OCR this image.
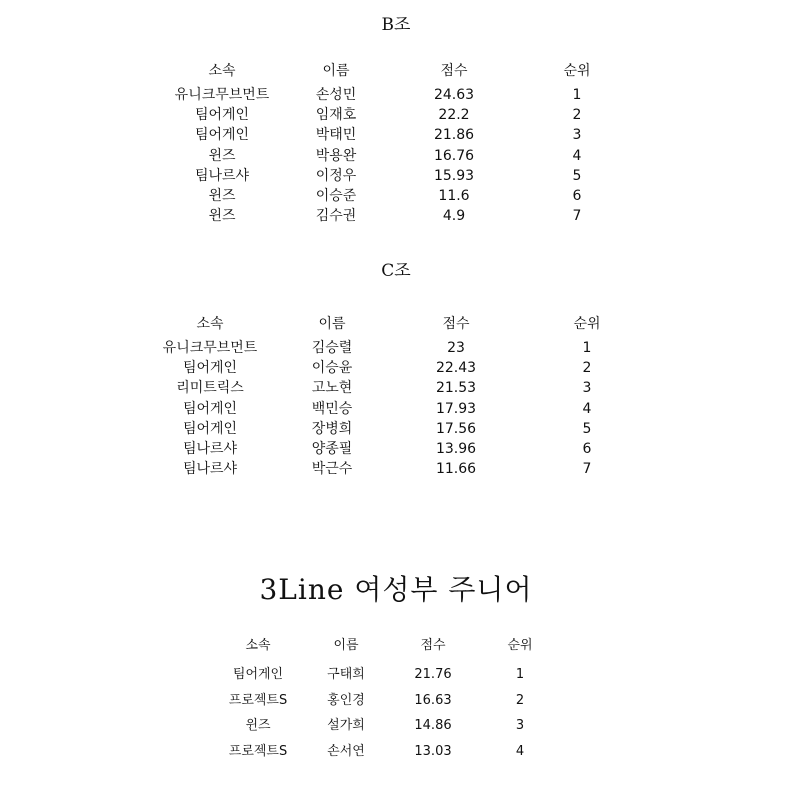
B조
소속	이름	점수	순위
유니크무브먼트	손성민	24.63	1
팀어게인	임재호	22.2	2
팀어게인	박태민	21.86	3
윈즈	박용완	16.76	4
팀나르샤	이정우	15.93	5
윈즈	이승준	11.6	6
윈즈	김수권	4.9	7
C조
소속	이름	점수	순위
유니크무브먼트	김승렬	23	1
팀어게인	이승윤	22.43	2
리미트릭스	고노현	21.53	3
팀어게인	백민승	17.93	4
팀어게인	장병희	17.56	5
팀나르샤	양종필	13.96	6
팀나르샤	박근수	11.66	7
3Line 여성부 주니어
소속	이름	점수	순위
팀어게인	구태희	21.76	1
프로젝트S	홍인경	16.63	2
윈즈	설가희	14.86	3
프로젝트S	손서연	13.03	4
